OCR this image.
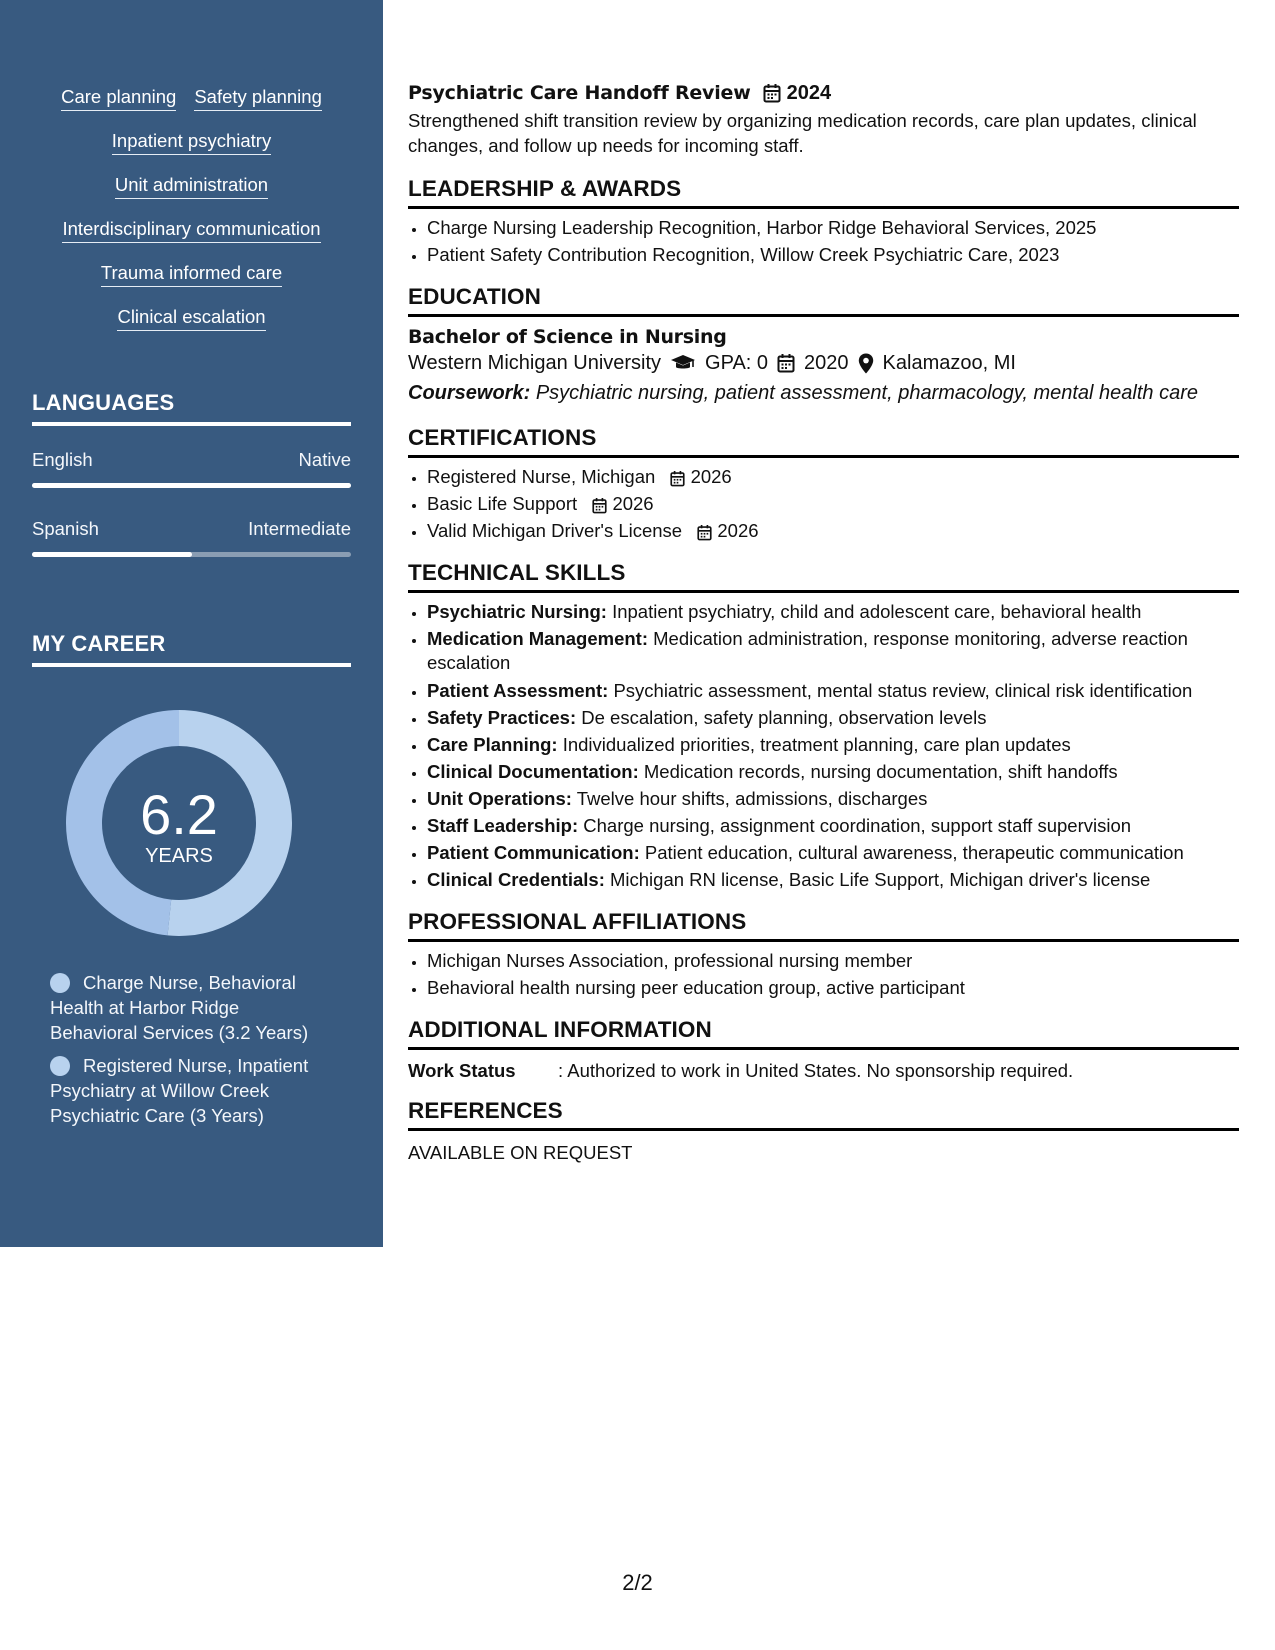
Care planning Safety planning
Inpatient psychiatry
Unit administration
Interdisciplinary communication
Trauma informed care
Clinical escalation
LANGUAGES
English	Native
Spanish	Intermediate
MY CAREER
6.2
YEARS
Charge Nurse, Behavioral Health at Harbor Ridge Behavioral Services (3.2 Years)
Registered Nurse, Inpatient Psychiatry at Willow Creek Psychiatric Care (3 Years)
Psychiatric Care Handoff Review 2024
Strengthened shift transition review by organizing medication records, care plan updates, clinical changes, and follow up needs for incoming staff.
LEADERSHIP & AWARDS
• Charge Nursing Leadership Recognition, Harbor Ridge Behavioral Services, 2025
• Patient Safety Contribution Recognition, Willow Creek Psychiatric Care, 2023
EDUCATION
Bachelor of Science in Nursing
Western Michigan University GPA: 0 2020 Kalamazoo, MI
Coursework: Psychiatric nursing, patient assessment, pharmacology, mental health care
CERTIFICATIONS
• Registered Nurse, Michigan 2026
• Basic Life Support 2026
• Valid Michigan Driver's License 2026
TECHNICAL SKILLS
• Psychiatric Nursing: Inpatient psychiatry, child and adolescent care, behavioral health
• Medication Management: Medication administration, response monitoring, adverse reaction escalation
• Patient Assessment: Psychiatric assessment, mental status review, clinical risk identification
• Safety Practices: De escalation, safety planning, observation levels
• Care Planning: Individualized priorities, treatment planning, care plan updates
• Clinical Documentation: Medication records, nursing documentation, shift handoffs
• Unit Operations: Twelve hour shifts, admissions, discharges
• Staff Leadership: Charge nursing, assignment coordination, support staff supervision
• Patient Communication: Patient education, cultural awareness, therapeutic communication
• Clinical Credentials: Michigan RN license, Basic Life Support, Michigan driver's license
PROFESSIONAL AFFILIATIONS
• Michigan Nurses Association, professional nursing member
• Behavioral health nursing peer education group, active participant
ADDITIONAL INFORMATION
Work Status	: Authorized to work in United States. No sponsorship required.
REFERENCES
AVAILABLE ON REQUEST
2/2
